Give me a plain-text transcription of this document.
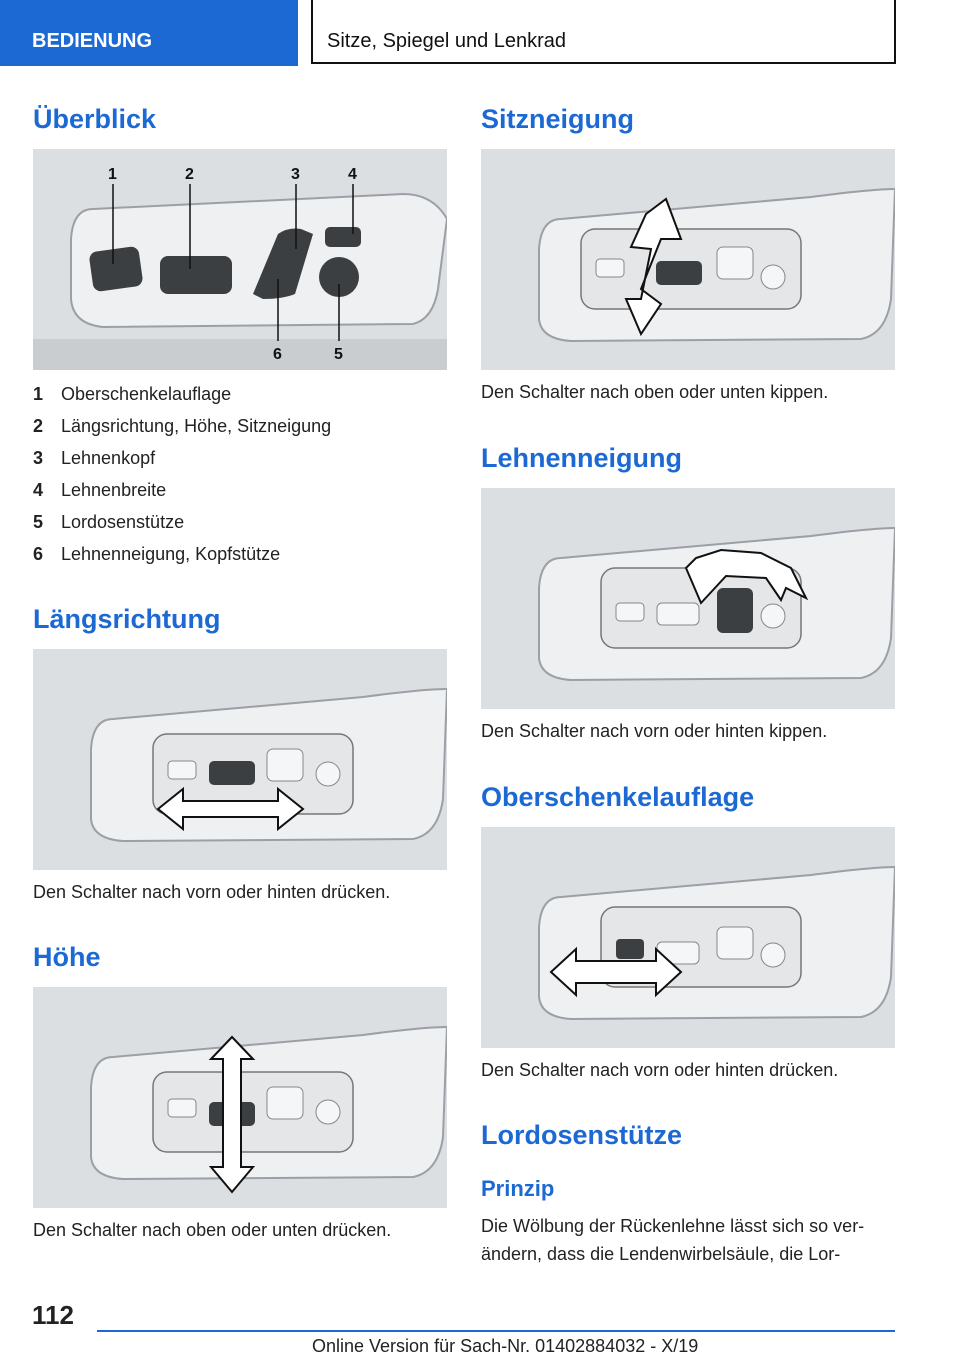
BEDIENUNG	Sitze, Spiegel und Lenkrad
Überblick
1	2	3	4
6	5
1 Oberschenkelauflage
2 Längsrichtung, Höhe, Sitzneigung
3 Lehnenkopf
4 Lehnenbreite
5 Lordosenstütze
6 Lehnenneigung, Kopfstütze
Längsrichtung
Den Schalter nach vorn oder hinten drücken.
Höhe
Den Schalter nach oben oder unten drücken.
Sitzneigung
Den Schalter nach oben oder unten kippen.
Lehnenneigung
Den Schalter nach vorn oder hinten kippen.
Oberschenkelauflage
Den Schalter nach vorn oder hinten drücken.
Lordosenstütze
Prinzip

Die Wölbung der Rückenlehne lässt sich so ver-ändern, dass die Lendenwirbelsäule, die Lor-

112
Online Version für Sach-Nr. 01402884032 - X/19
